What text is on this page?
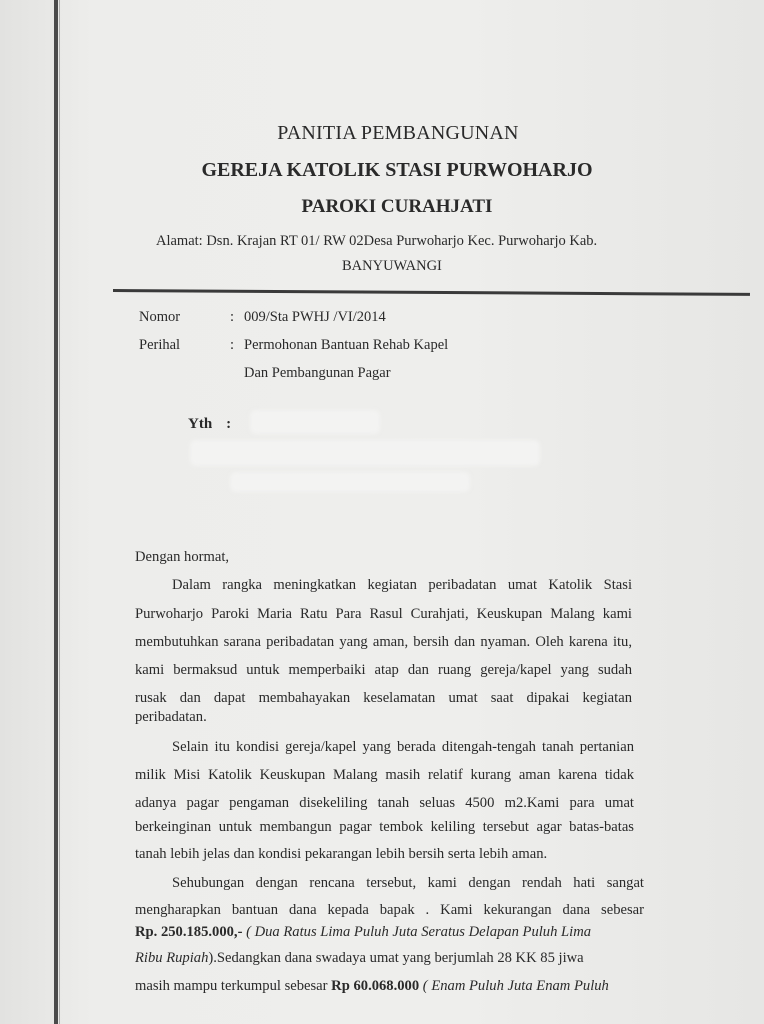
PANITIA PEMBANGUNAN
GEREJA KATOLIK STASI PURWOHARJO
PAROKI CURAHJATI
Alamat: Dsn. Krajan RT 01/ RW 02Desa Purwoharjo Kec. Purwoharjo Kab.
BANYUWANGI
Nomor	: 009/Sta PWHJ /VI/2014
Perihal	: Permohonan Bantuan Rehab Kapel
Dan Pembangunan Pagar
Yth :
Dengan hormat,
Dalam rangka meningkatkan kegiatan peribadatan umat Katolik Stasi
Purwoharjo Paroki Maria Ratu Para Rasul Curahjati, Keuskupan Malang kami
membutuhkan sarana peribadatan yang aman, bersih dan nyaman. Oleh karena itu,
kami bermaksud untuk memperbaiki atap dan ruang gereja/kapel yang sudah
rusak dan dapat membahayakan keselamatan umat saat dipakai kegiatan
peribadatan.
Selain itu kondisi gereja/kapel yang berada ditengah-tengah tanah pertanian
milik Misi Katolik Keuskupan Malang masih relatif kurang aman karena tidak
adanya pagar pengaman disekeliling tanah seluas 4500 m2.Kami para umat
berkeinginan untuk membangun pagar tembok keliling tersebut agar batas-batas
tanah lebih jelas dan kondisi pekarangan lebih bersih serta lebih aman.
Sehubungan dengan rencana tersebut, kami dengan rendah hati sangat
mengharapkan bantuan dana kepada bapak . Kami kekurangan dana sebesar
Rp. 250.185.000,- ( Dua Ratus Lima Puluh Juta Seratus Delapan Puluh Lima
Ribu Rupiah).Sedangkan dana swadaya umat yang berjumlah 28 KK 85 jiwa
masih mampu terkumpul sebesar Rp 60.068.000 ( Enam Puluh Juta Enam Puluh
